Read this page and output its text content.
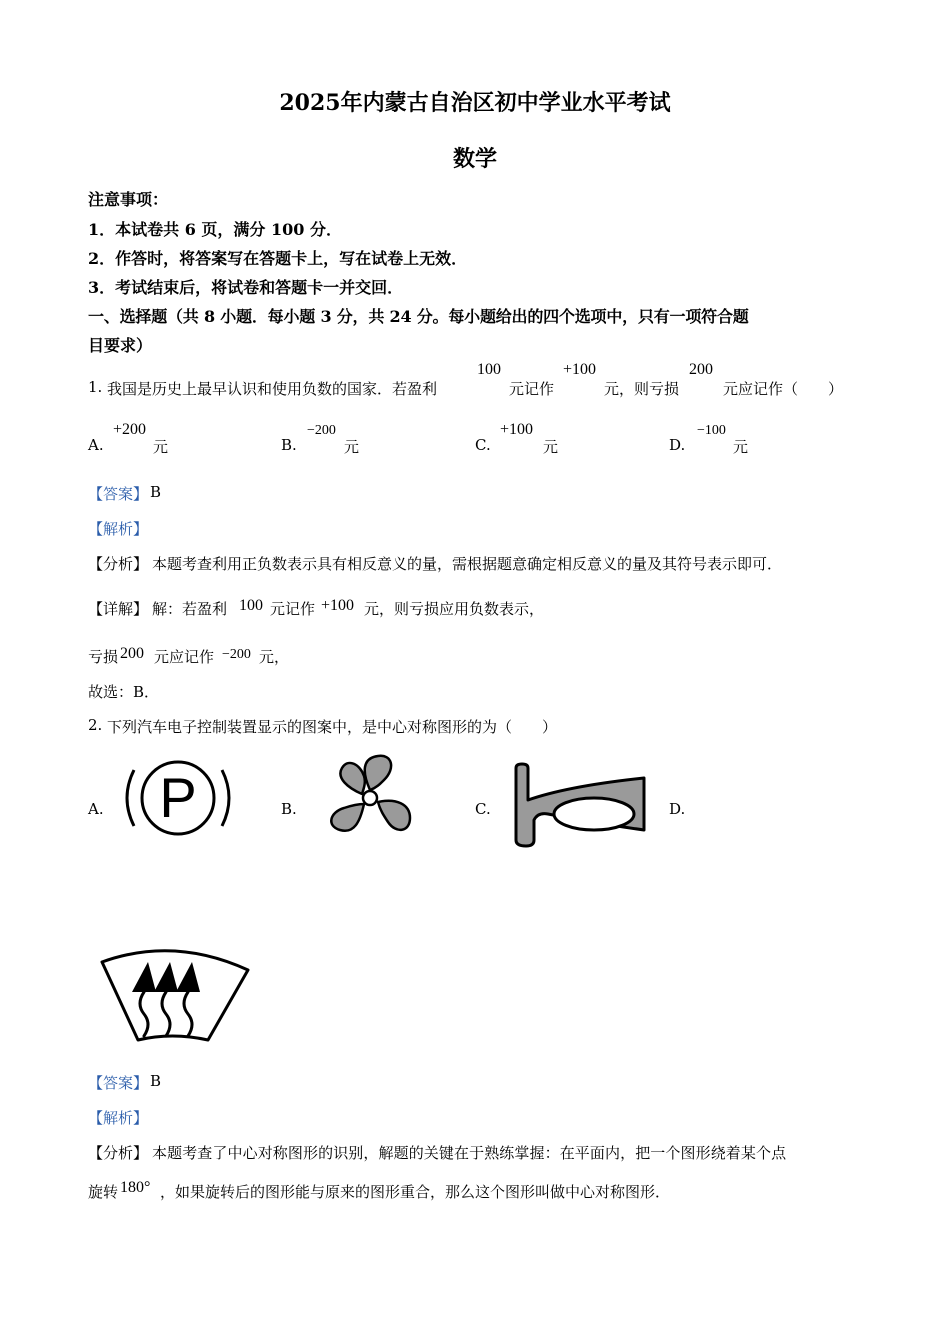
2025年内蒙古自治区初中学业水平考试
数学
注意事项：
1．本试卷共 6 页，满分 100 分．
2．作答时，将答案写在答题卡上，写在试卷上无效．
3．考试结束后，将试卷和答题卡一并交回．
一、选择题（共 8 小题．每小题 3 分，共 24 分。每小题给出的四个选项中，只有一项符合题
目要求）
1. 我国是历史上最早认识和使用负数的国家．若盈利
100
元记作
+100
元，则亏损
200
元应记作（　　）
A.
+200
元	B.
−200
元	C.
+100
元	D.
−100
元
【答案】 B
【解析】
【分析】 本题考查利用正负数表示具有相反意义的量，需根据题意确定相反意义的量及其符号表示即可．
【详解】 解：若盈利 100 元记作 +100 元，则亏损应用负数表示，
亏损 200 元应记作 −200 元，
故选：B．
2. 下列汽车电子控制装置显示的图案中，是中心对称图形的为（　　）
A. P	B.	C.	D.
【答案】 B
【解析】
【分析】 本题考查了中心对称图形的识别，解题的关键在于熟练掌握：在平面内，把一个图形绕着某个点
旋转 180° ，如果旋转后的图形能与原来的图形重合，那么这个图形叫做中心对称图形．
